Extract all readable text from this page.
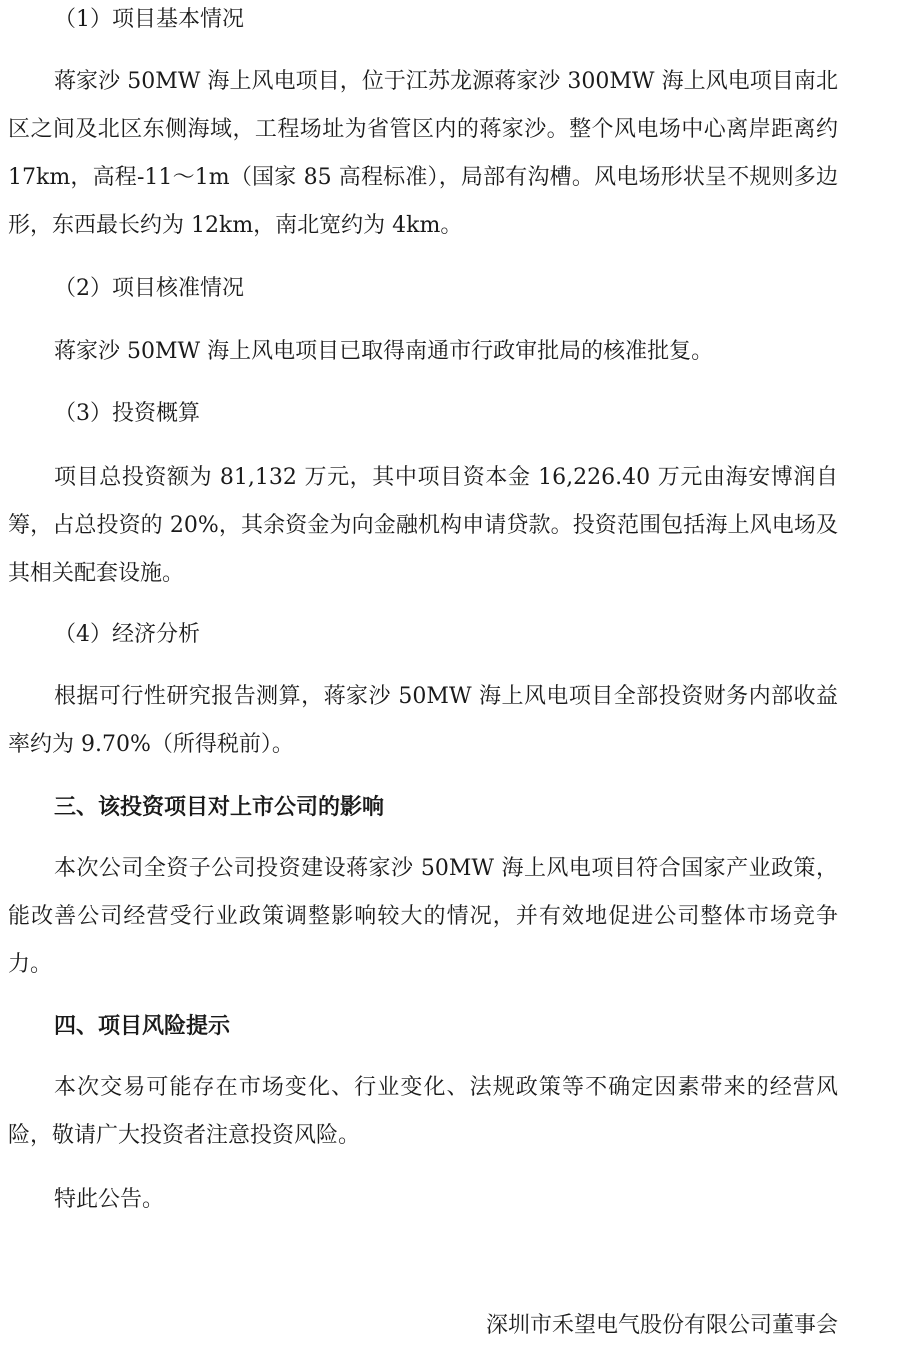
（1）项目基本情况
蒋家沙 50MW 海上风电项目，位于江苏龙源蒋家沙 300MW 海上风电项目南北区之间及北区东侧海域，工程场址为省管区内的蒋家沙。整个风电场中心离岸距离约 17km，高程-11～1m（国家 85 高程标准），局部有沟槽。风电场形状呈不规则多边形，东西最长约为 12km，南北宽约为 4km。
（2）项目核准情况
蒋家沙 50MW 海上风电项目已取得南通市行政审批局的核准批复。
（3）投资概算
项目总投资额为 81,132 万元，其中项目资本金 16,226.40 万元由海安博润自筹，占总投资的 20%，其余资金为向金融机构申请贷款。投资范围包括海上风电场及其相关配套设施。
（4）经济分析
根据可行性研究报告测算，蒋家沙 50MW 海上风电项目全部投资财务内部收益率约为 9.70%（所得税前）。
三、该投资项目对上市公司的影响
本次公司全资子公司投资建设蒋家沙 50MW 海上风电项目符合国家产业政策，能改善公司经营受行业政策调整影响较大的情况，并有效地促进公司整体市场竞争力。
四、项目风险提示
本次交易可能存在市场变化、行业变化、法规政策等不确定因素带来的经营风险，敬请广大投资者注意投资风险。
特此公告。
深圳市禾望电气股份有限公司董事会
